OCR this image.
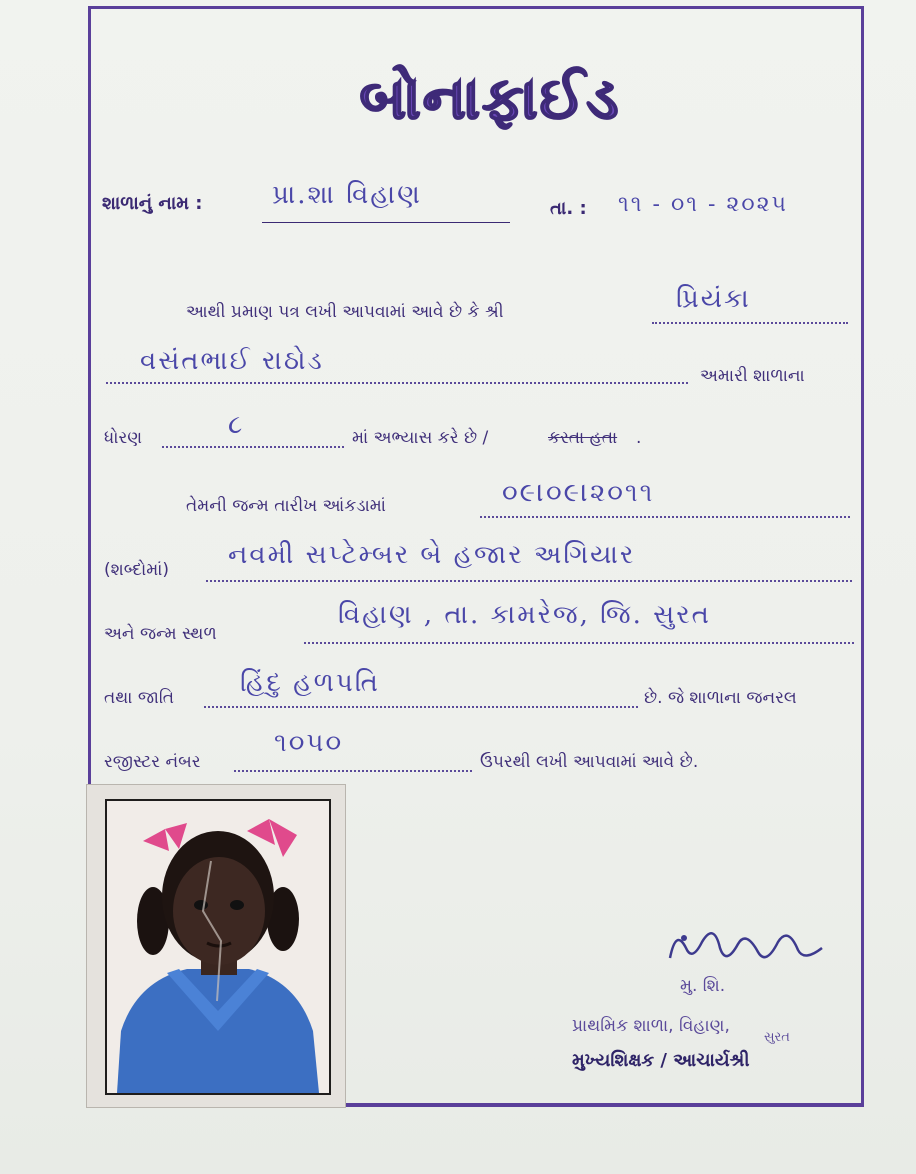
બોનાફાઈડ
શાળાનું નામ :	પ્રા.શા વિહાણ	તા. : ૧૧ - ૦૧ - ૨૦૨૫
આથી પ્રમાણ પત્ર લખી આપવામાં આવે છે કે શ્રી	પ્રિયંકા
વસંતભાઈ રાઠોડ	અમારી શાળાના
ધોરણ	૮	માં અભ્યાસ કરે છે /	કરતા હતા .
તેમની જન્મ તારીખ આંકડામાં	૦૯।૦૯।૨૦૧૧
(શબ્દોમાં) નવમી સપ્ટેમ્બર બે હજાર અગિયાર
અને જન્મ સ્થળ
વિહાણ , તા. કામરેજ, જિ. સુરત
તથા જાતિ	હિંદુ હળપતિ	છે. જે શાળાના જનરલ
રજીસ્ટર નંબર
૧૦૫૦
ઉપરથી લખી આપવામાં આવે છે.
મુ. શિ.
પ્રાથમિક શાળા, વિહાણ,
સુરત
મુખ્યશિક્ષક / આચાર્યશ્રી
